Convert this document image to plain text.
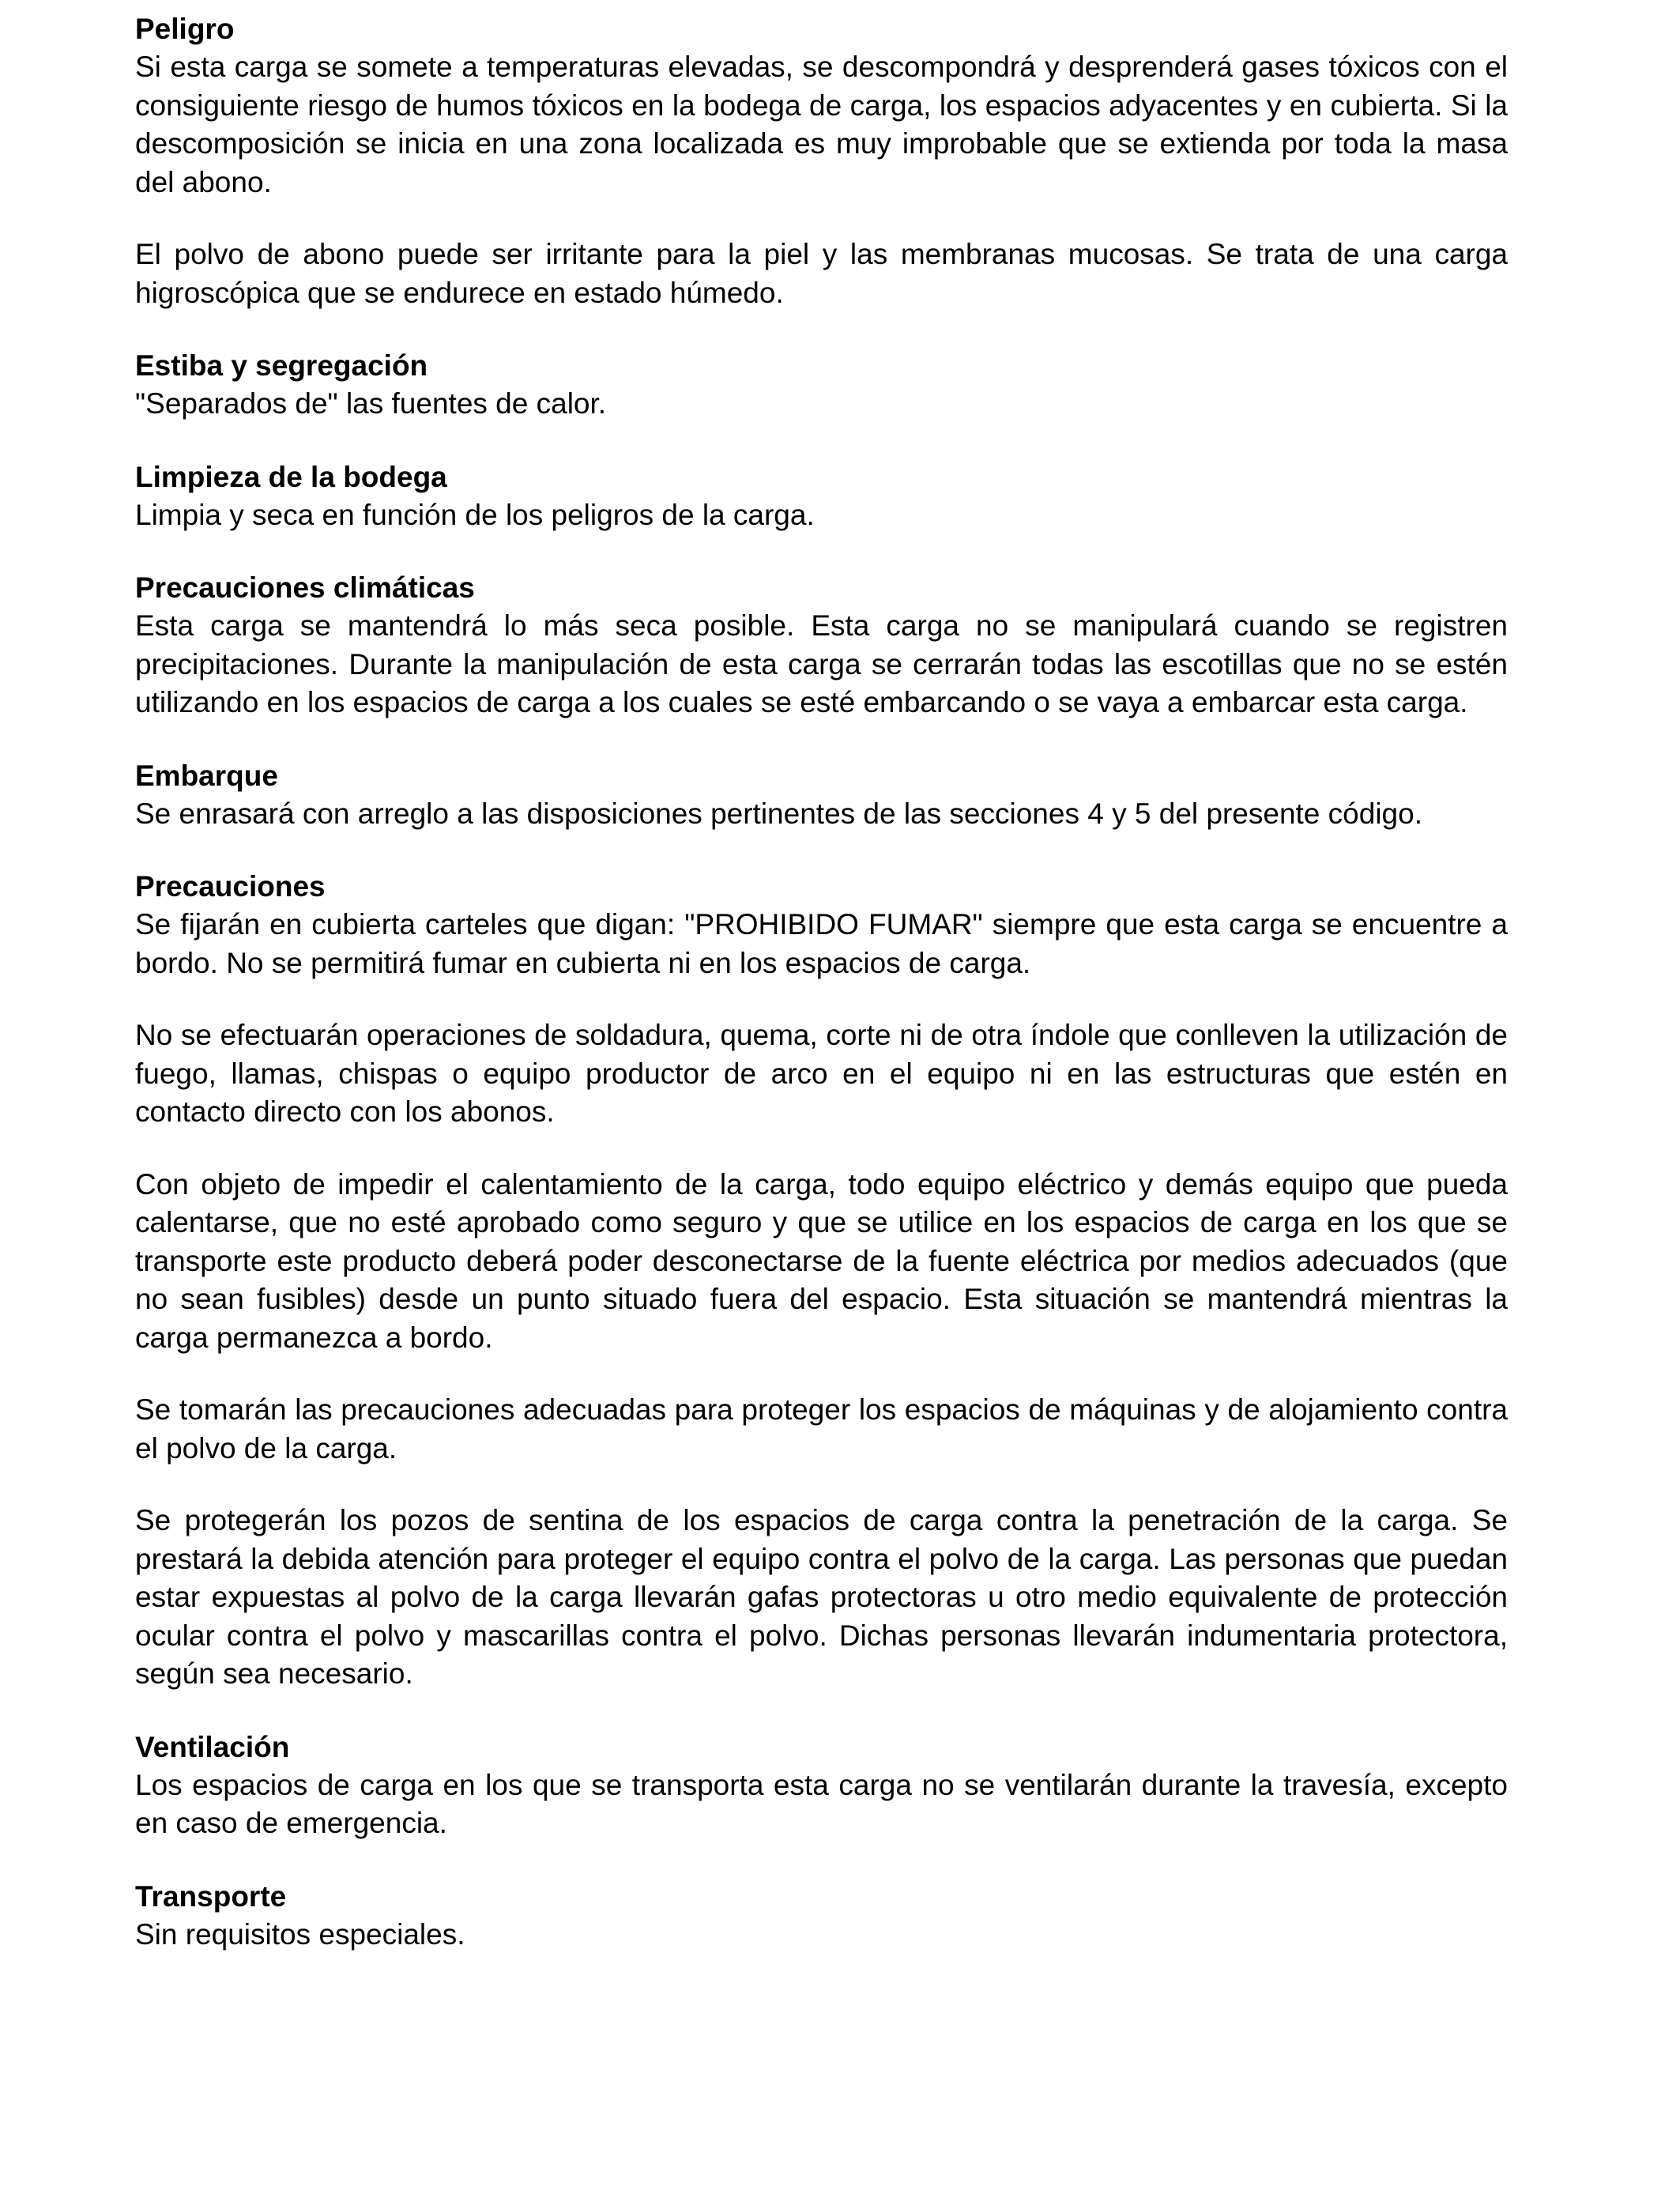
Peligro

Si esta carga se somete a temperaturas elevadas, se descompondrá y desprenderá gases tóxicos con el consiguiente riesgo de humos tóxicos en la bodega de carga, los espacios adyacentes y en cubierta. Si la descomposición se inicia en una zona localizada es muy improbable que se extienda por toda la masa del abono.

El polvo de abono puede ser irritante para la piel y las membranas mucosas. Se trata de una carga higroscópica que se endurece en estado húmedo.

Estiba y segregación

"Separados de" las fuentes de calor.

Limpieza de la bodega

Limpia y seca en función de los peligros de la carga.

Precauciones climáticas

Esta carga se mantendrá lo más seca posible. Esta carga no se manipulará cuando se registren precipitaciones. Durante la manipulación de esta carga se cerrarán todas las escotillas que no se estén utilizando en los espacios de carga a los cuales se esté embarcando o se vaya a embarcar esta carga.

Embarque

Se enrasará con arreglo a las disposiciones pertinentes de las secciones 4 y 5 del presente código.

Precauciones

Se fijarán en cubierta carteles que digan: "PROHIBIDO FUMAR" siempre que esta carga se encuentre a bordo. No se permitirá fumar en cubierta ni en los espacios de carga.

No se efectuarán operaciones de soldadura, quema, corte ni de otra índole que conlleven la utilización de fuego, llamas, chispas o equipo productor de arco en el equipo ni en las estructuras que estén en contacto directo con los abonos.

Con objeto de impedir el calentamiento de la carga, todo equipo eléctrico y demás equipo que pueda calentarse, que no esté aprobado como seguro y que se utilice en los espacios de carga en los que se transporte este producto deberá poder desconectarse de la fuente eléctrica por medios adecuados (que no sean fusibles) desde un punto situado fuera del espacio. Esta situación se mantendrá mientras la carga permanezca a bordo.

Se tomarán las precauciones adecuadas para proteger los espacios de máquinas y de alojamiento contra el polvo de la carga.

Se protegerán los pozos de sentina de los espacios de carga contra la penetración de la carga. Se prestará la debida atención para proteger el equipo contra el polvo de la carga. Las personas que puedan estar expuestas al polvo de la carga llevarán gafas protectoras u otro medio equivalente de protección ocular contra el polvo y mascarillas contra el polvo. Dichas personas llevarán indumentaria protectora, según sea necesario.

Ventilación

Los espacios de carga en los que se transporta esta carga no se ventilarán durante la travesía, excepto en caso de emergencia.

Transporte

Sin requisitos especiales.
